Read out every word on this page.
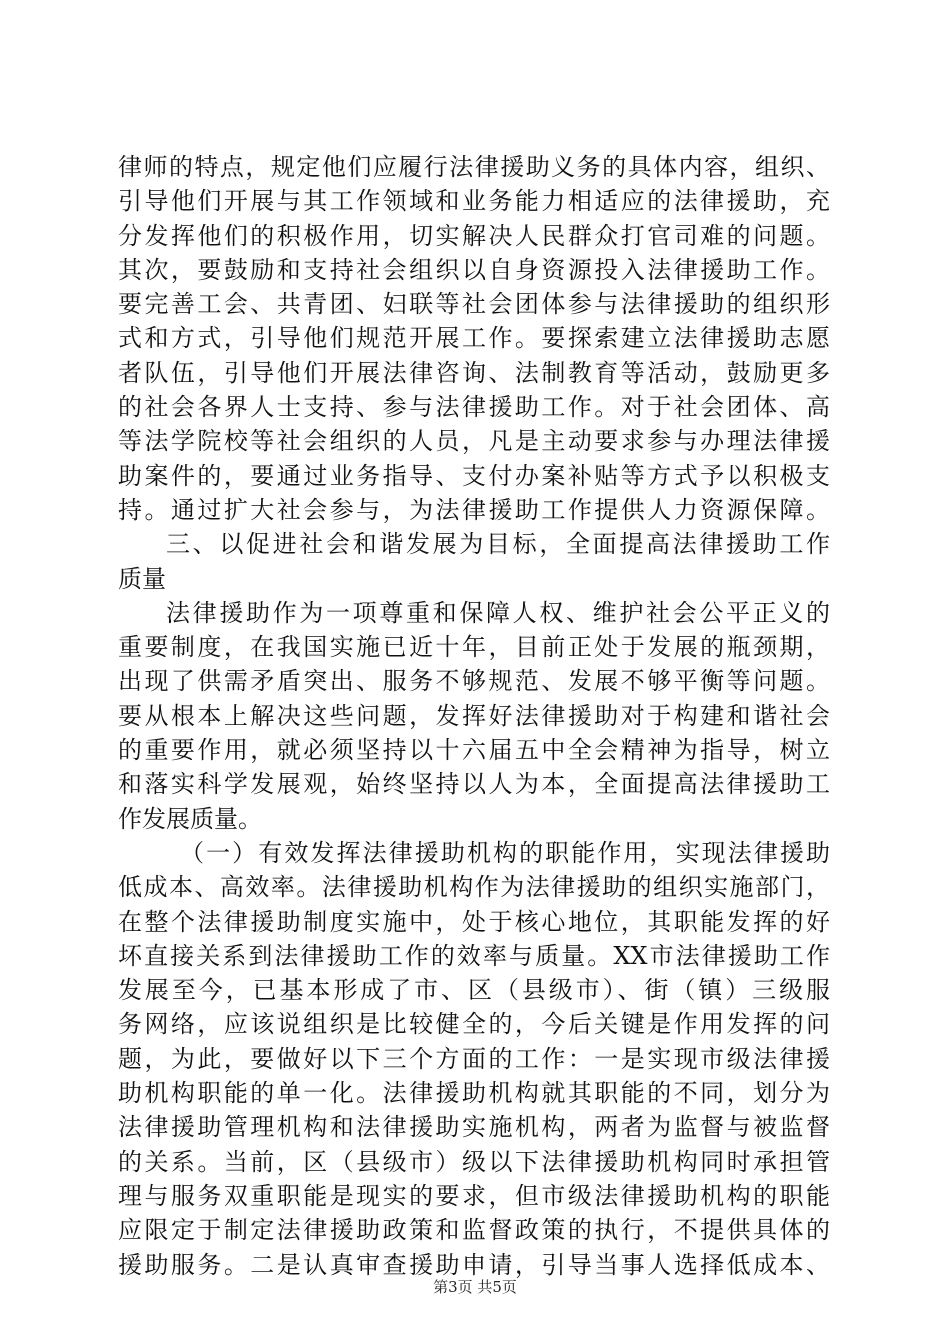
律师的特点，规定他们应履行法律援助义务的具体内容，组织、
引导他们开展与其工作领域和业务能力相适应的法律援助，充
分发挥他们的积极作用，切实解决人民群众打官司难的问题。
其次，要鼓励和支持社会组织以自身资源投入法律援助工作。
要完善工会、共青团、妇联等社会团体参与法律援助的组织形
式和方式，引导他们规范开展工作。要探索建立法律援助志愿
者队伍，引导他们开展法律咨询、法制教育等活动，鼓励更多
的社会各界人士支持、参与法律援助工作。对于社会团体、高
等法学院校等社会组织的人员，凡是主动要求参与办理法律援
助案件的，要通过业务指导、支付办案补贴等方式予以积极支
持。通过扩大社会参与，为法律援助工作提供人力资源保障。
三、以促进社会和谐发展为目标，全面提高法律援助工作
质量
法律援助作为一项尊重和保障人权、维护社会公平正义的
重要制度，在我国实施已近十年，目前正处于发展的瓶颈期，
出现了供需矛盾突出、服务不够规范、发展不够平衡等问题。
要从根本上解决这些问题，发挥好法律援助对于构建和谐社会
的重要作用，就必须坚持以十六届五中全会精神为指导，树立
和落实科学发展观，始终坚持以人为本，全面提高法律援助工
作发展质量。
（一）有效发挥法律援助机构的职能作用，实现法律援助
低成本、高效率。法律援助机构作为法律援助的组织实施部门，
在整个法律援助制度实施中，处于核心地位，其职能发挥的好
坏直接关系到法律援助工作的效率与质量。XX市法律援助工作
发展至今，已基本形成了市、区（县级市）、街（镇）三级服
务网络，应该说组织是比较健全的，今后关键是作用发挥的问
题，为此，要做好以下三个方面的工作：一是实现市级法律援
助机构职能的单一化。法律援助机构就其职能的不同，划分为
法律援助管理机构和法律援助实施机构，两者为监督与被监督
的关系。当前，区（县级市）级以下法律援助机构同时承担管
理与服务双重职能是现实的要求，但市级法律援助机构的职能
应限定于制定法律援助政策和监督政策的执行，不提供具体的
援助服务。二是认真审查援助申请，引导当事人选择低成本、
第3页 共5页
